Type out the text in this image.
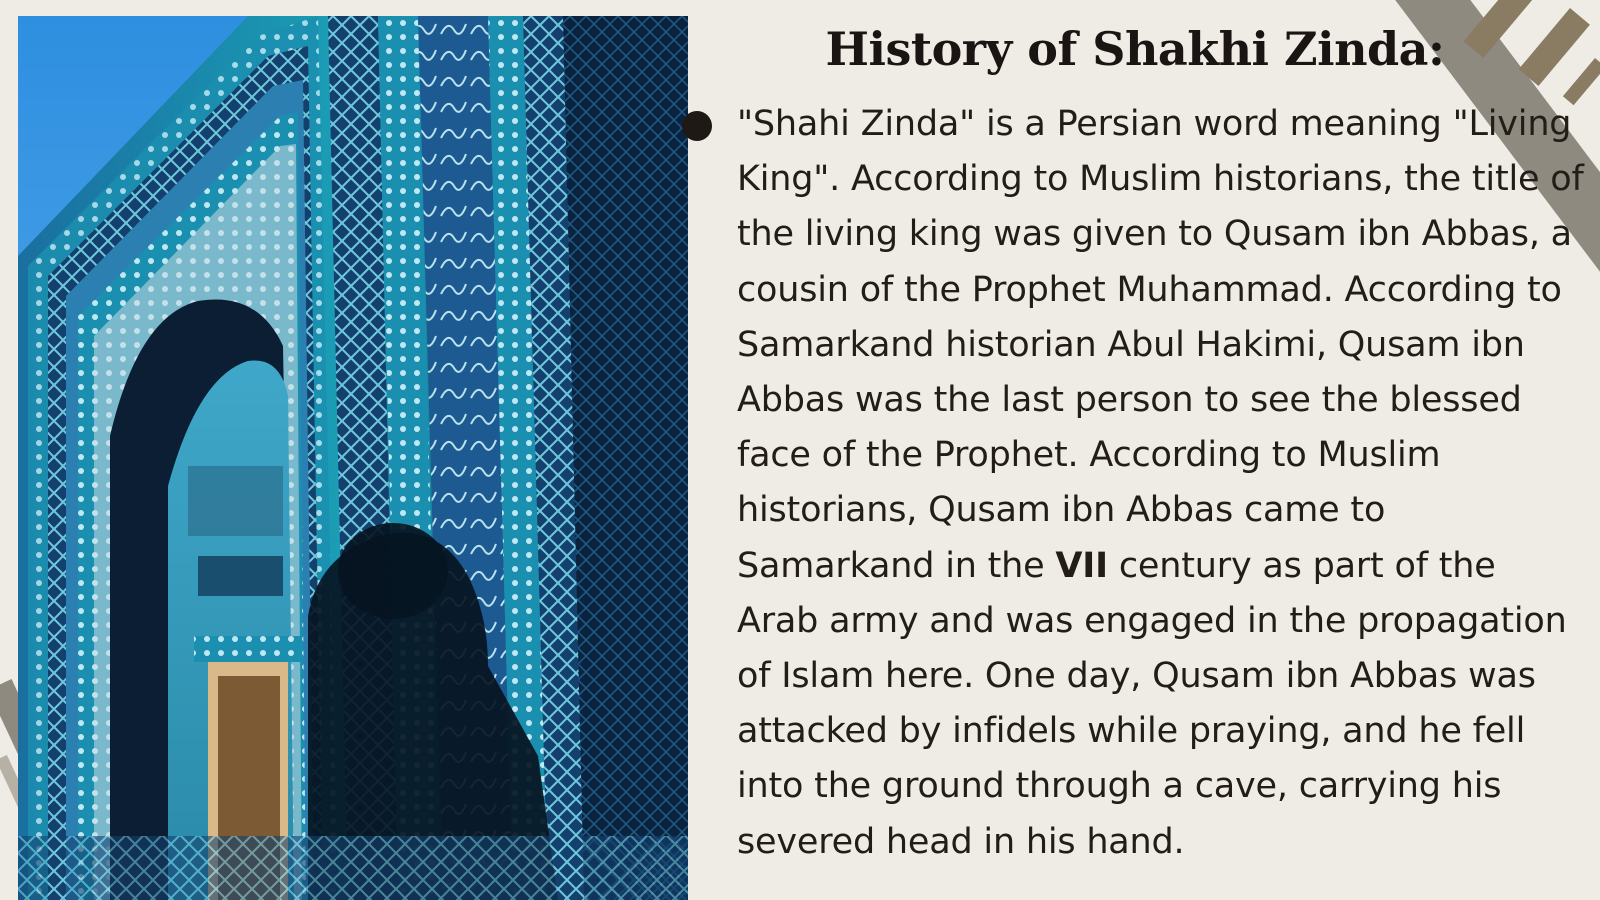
History of Shakhi Zinda:

"Shahi Zinda" is a Persian word meaning "Living King". According to Muslim historians, the title of the living king was given to Qusam ibn Abbas, a cousin of the Prophet Muhammad. According to Samarkand historian Abul Hakimi, Qusam ibn Abbas was the last person to see the blessed face of the Prophet. According to Muslim historians, Qusam ibn Abbas came to Samarkand in the VII century as part of the Arab army and was engaged in the propagation of Islam here. One day, Qusam ibn Abbas was attacked by infidels while praying, and he fell into the ground through a cave, carrying his severed head in his hand.
